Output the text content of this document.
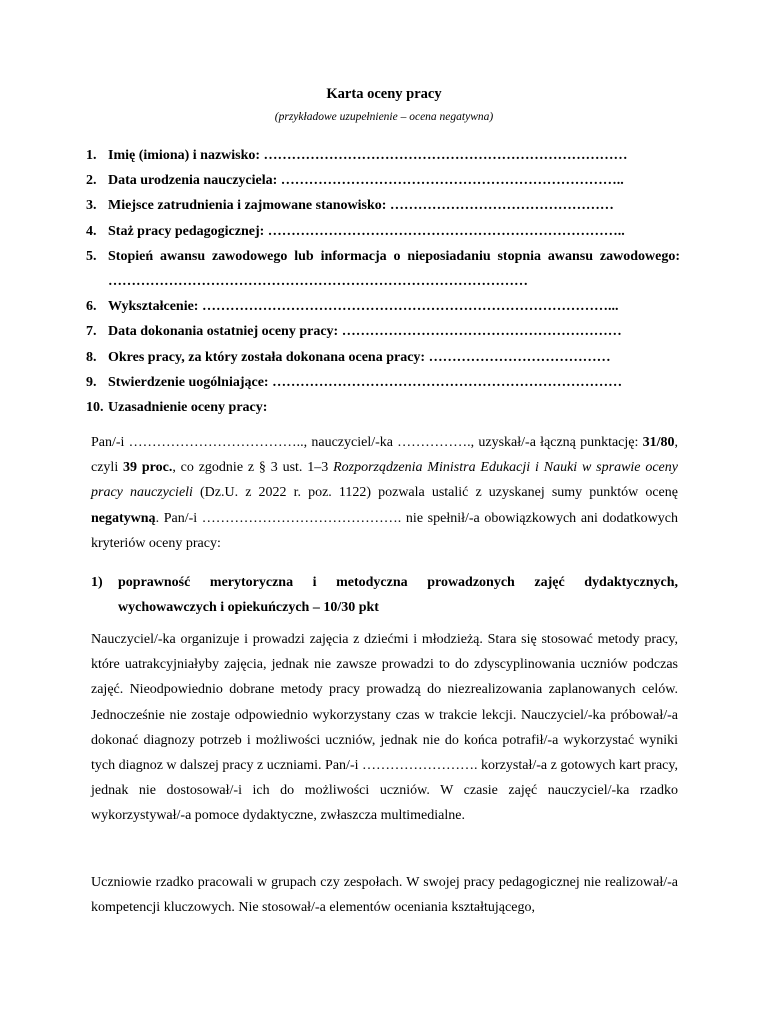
Karta oceny pracy
(przykładowe uzupełnienie – ocena negatywna)
1. Imię (imiona) i nazwisko: ……………………………………………………………………
2. Data urodzenia nauczyciela: ………………………………………………………………..
3. Miejsce zatrudnienia i zajmowane stanowisko: …………………………………………
4. Staż pracy pedagogicznej: …………………………………………………………………..
5. Stopień awansu zawodowego lub informacja o nieposiadaniu stopnia awansu zawodowego: ………………………………………………………………………………
6. Wykształcenie: ……………………………………………………………………………...
7. Data dokonania ostatniej oceny pracy: ……………………………………………………
8. Okres pracy, za który została dokonana ocena pracy: …………………………………
9. Stwierdzenie uogólniające: …………………………………………………………………
10. Uzasadnienie oceny pracy:
Pan/-i ……………………………….., nauczyciel/-ka ……………., uzyskał/-a łączną punktację: 31/80, czyli 39 proc., co zgodnie z § 3 ust. 1–3 Rozporządzenia Ministra Edukacji i Nauki w sprawie oceny pracy nauczycieli (Dz.U. z 2022 r. poz. 1122) pozwala ustalić z uzyskanej sumy punktów ocenę negatywną. Pan/-i ……………………………………. nie spełnił/-a obowiązkowych ani dodatkowych kryteriów oceny pracy:
1)	poprawność merytoryczna i metodyczna prowadzonych zajęć dydaktycznych, wychowawczych i opiekuńczych – 10/30 pkt
Nauczyciel/-ka organizuje i prowadzi zajęcia z dziećmi i młodzieżą. Stara się stosować metody pracy, które uatrakcyjniałyby zajęcia, jednak nie zawsze prowadzi to do zdyscyplinowania uczniów podczas zajęć. Nieodpowiednio dobrane metody pracy prowadzą do niezrealizowania zaplanowanych celów. Jednocześnie nie zostaje odpowiednio wykorzystany czas w trakcie lekcji. Nauczyciel/-ka próbował/-a dokonać diagnozy potrzeb i możliwości uczniów, jednak nie do końca potrafił/-a wykorzystać wyniki tych diagnoz w dalszej pracy z uczniami. Pan/-i ……………………. korzystał/-a z gotowych kart pracy, jednak nie dostosował/-i ich do możliwości uczniów. W czasie zajęć nauczyciel/-ka rzadko wykorzystywał/-a pomoce dydaktyczne, zwłaszcza multimedialne.
Uczniowie rzadko pracowali w grupach czy zespołach. W swojej pracy pedagogicznej nie realizował/-a kompetencji kluczowych. Nie stosował/-a elementów oceniania kształtującego,
